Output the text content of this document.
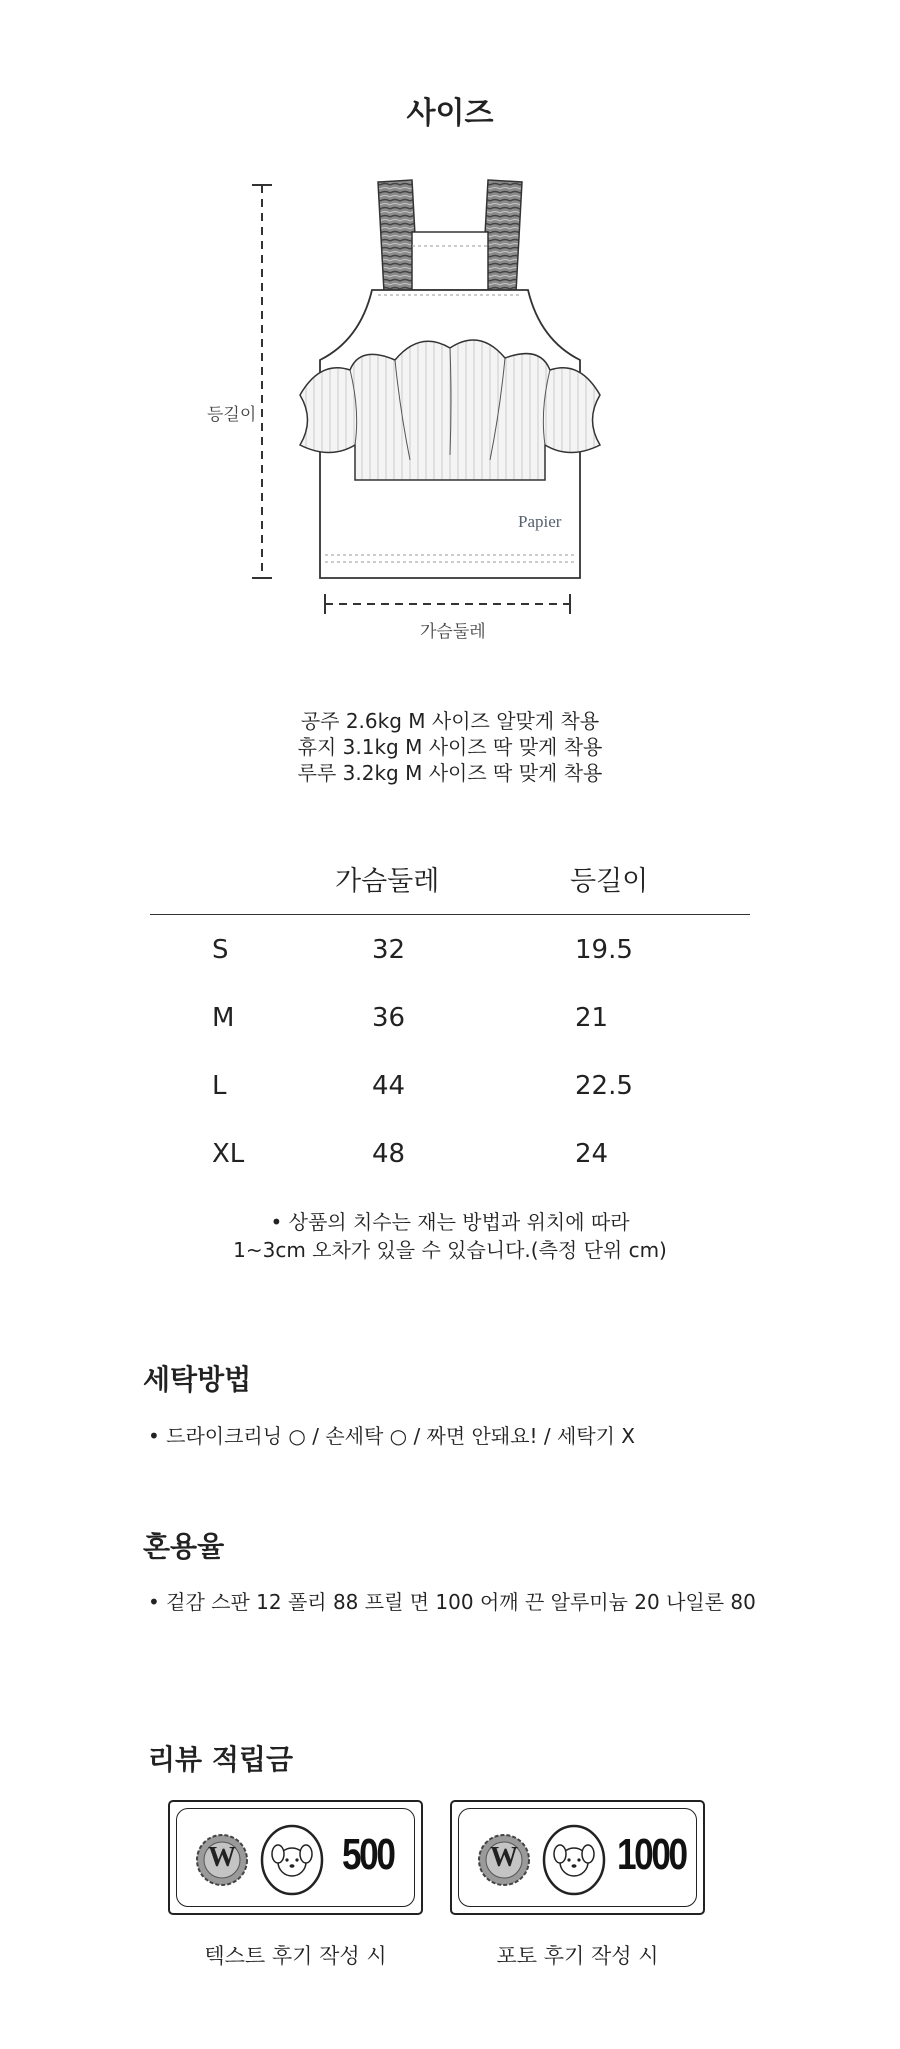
사이즈
Papier
등길이
가슴둘레
공주 2.6kg M 사이즈 알맞게 착용
휴지 3.1kg M 사이즈 딱 맞게 착용
루루 3.2kg M 사이즈 딱 맞게 착용
가슴둘레	등길이
S	32	19.5
M	36	21
L	44	22.5
XL	48	24
• 상품의 치수는 재는 방법과 위치에 따라
1~3cm 오차가 있을 수 있습니다.(측정 단위 cm)
세탁방법
• 드라이크리닝 ○ / 손세탁 ○ / 짜면 안돼요! / 세탁기 X
혼용율
• 겉감 스판 12 폴리 88 프릴 면 100 어깨 끈 알루미늄 20 나일론 80
리뷰 적립금
W 500
텍스트 후기 작성 시
W 1000
포토 후기 작성 시
